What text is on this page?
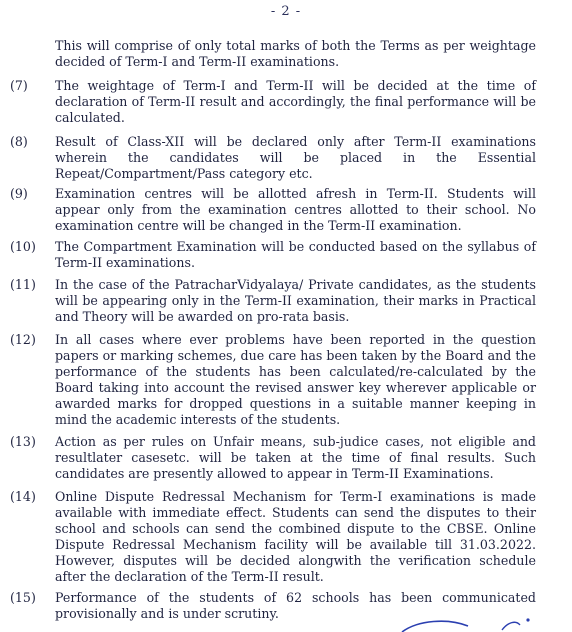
- 2 -

This will comprise of only total marks of both the Terms as per weightage decided of Term-I and Term-II examinations.

(7)	The weightage of Term-I and Term-II will be decided at the time of declaration of Term-II result and accordingly, the final performance will be calculated.

(8)	Result of Class-XII will be declared only after Term-II examinations wherein the candidates will be placed in the Essential Repeat/Compartment/Pass category etc.

(9)	Examination centres will be allotted afresh in Term-II. Students will appear only from the examination centres allotted to their school. No examination centre will be changed in the Term-II examination.

(10)	The Compartment Examination will be conducted based on the syllabus of Term-II examinations.

(11)	In the case of the PatracharVidyalaya/ Private candidates, as the students will be appearing only in the Term-II examination, their marks in Practical and Theory will be awarded on pro-rata basis.

(12)	In all cases where ever problems have been reported in the question papers or marking schemes, due care has been taken by the Board and the performance of the students has been calculated/re-calculated by the Board taking into account the revised answer key wherever applicable or awarded marks for dropped questions in a suitable manner keeping in mind the academic interests of the students.

(13)	Action as per rules on Unfair means, sub-judice cases, not eligible and resultlater casesetc. will be taken at the time of final results. Such candidates are presently allowed to appear in Term-II Examinations.

(14)	Online Dispute Redressal Mechanism for Term-I examinations is made available with immediate effect. Students can send the disputes to their school and schools can send the combined dispute to the CBSE. Online Dispute Redressal Mechanism facility will be available till 31.03.2022. However, disputes will be decided alongwith the verification schedule after the declaration of the Term-II result.

(15)	Performance of the students of 62 schools has been communicated provisionally and is under scrutiny.
